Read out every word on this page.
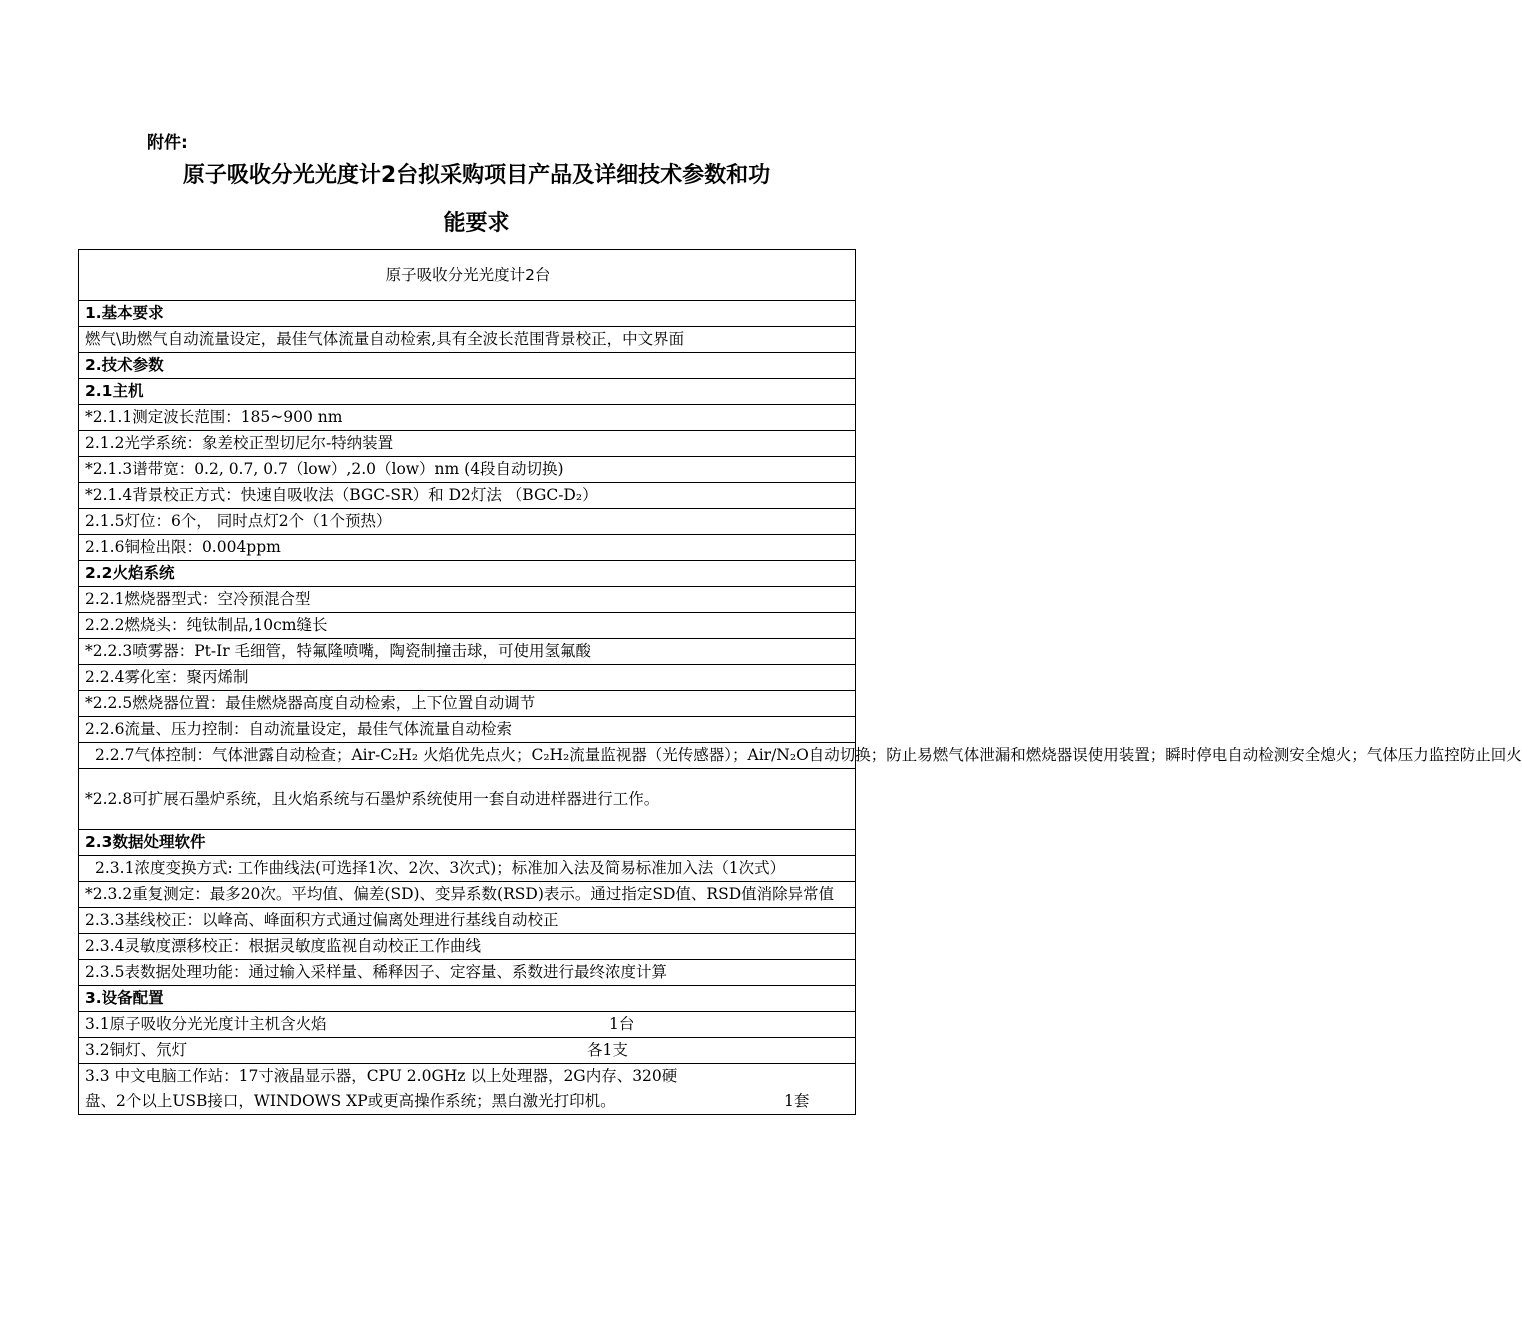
附件:
原子吸收分光光度计2台拟采购项目产品及详细技术参数和功
能要求
原子吸收分光光度计2台
1.基本要求
燃气\助燃气自动流量设定，最佳气体流量自动检索,具有全波长范围背景校正，中文界面
2.技术参数
2.1主机
*2.1.1测定波长范围：185~900 nm
2.1.2光学系统：象差校正型切尼尔-特纳装置
*2.1.3谱带宽：0.2, 0.7, 0.7（low）,2.0（low）nm (4段自动切换)
*2.1.4背景校正方式：快速自吸收法（BGC-SR）和 D2灯法 （BGC-D₂）
2.1.5灯位：6个， 同时点灯2个（1个预热）
2.1.6铜检出限：0.004ppm
2.2火焰系统
2.2.1燃烧器型式：空冷预混合型
2.2.2燃烧头：纯钛制品,10cm缝长
*2.2.3喷雾器：Pt-Ir 毛细管，特氟隆喷嘴，陶瓷制撞击球，可使用氢氟酸
2.2.4雾化室：聚丙烯制
*2.2.5燃烧器位置：最佳燃烧器高度自动检索，上下位置自动调节
2.2.6流量、压力控制：自动流量设定，最佳气体流量自动检索
2.2.7气体控制：气体泄露自动检查；Air-C₂H₂ 火焰优先点火；C₂H₂流量监视器（光传感器）；Air/N₂O自动切换；防止易燃气体泄漏和燃烧器误使用装置；瞬时停电自动检测安全熄火；气体压力监控防止回火
*2.2.8可扩展石墨炉系统，且火焰系统与石墨炉系统使用一套自动进样器进行工作。
2.3数据处理软件
2.3.1浓度变换方式: 工作曲线法(可选择1次、2次、3次式)；标准加入法及简易标准加入法（1次式）
*2.3.2重复测定：最多20次。平均值、偏差(SD)、变异系数(RSD)表示。通过指定SD值、RSD值消除异常值
2.3.3基线校正：以峰高、峰面积方式通过偏离处理进行基线自动校正
2.3.4灵敏度漂移校正：根据灵敏度监视自动校正工作曲线
2.3.5表数据处理功能：通过输入采样量、稀释因子、定容量、系数进行最终浓度计算
3.设备配置
3.1原子吸收分光光度计主机含火焰	1台

3.2铜灯、氘灯	各1支

3.3 中文电脑工作站：17寸液晶显示器，CPU 2.0GHz 以上处理器，2G内存、320硬
盘、2个以上USB接口，WINDOWS XP或更高操作系统；黑白激光打印机。	1套
